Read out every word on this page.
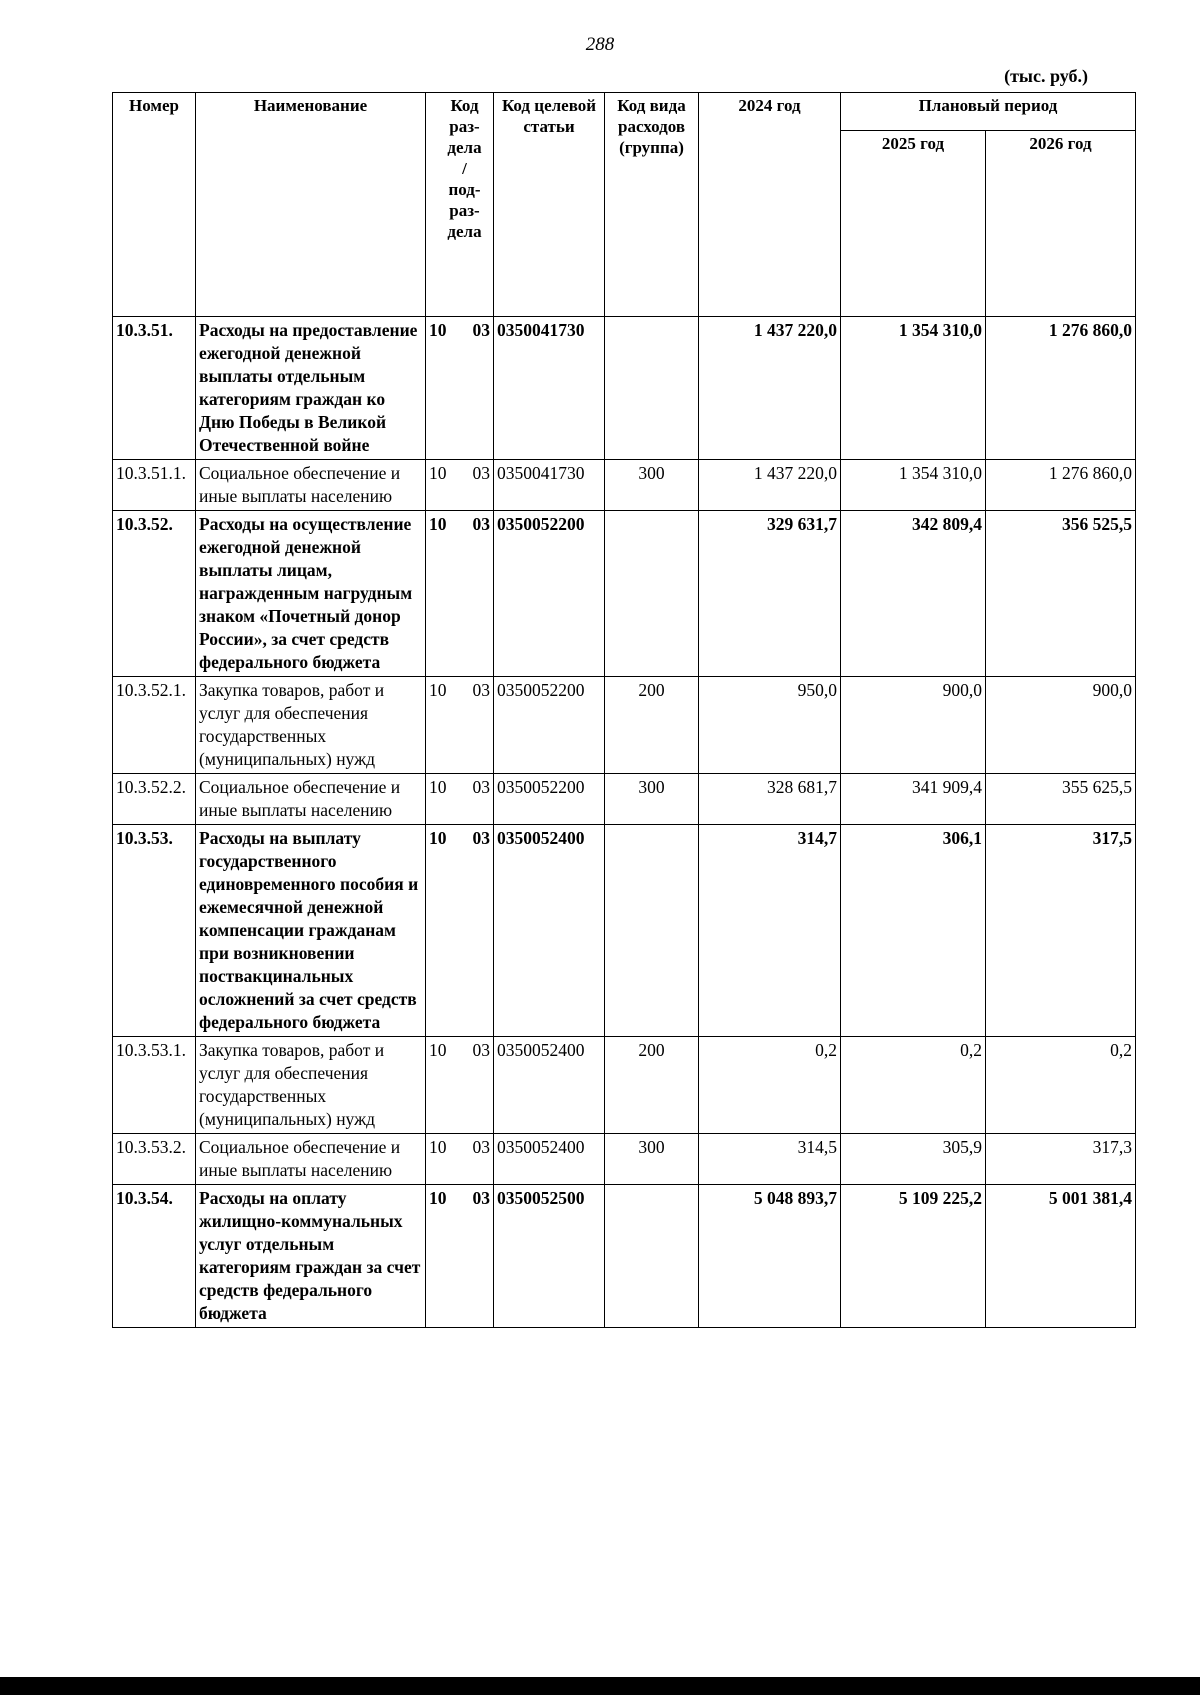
288
(тыс. руб.)
Номер	Наименование	Код раз-дела/ под-раз-дела	Код целевой статьи	Код вида расходов (группа)	2024 год	Плановый период	
						2025 год	2026 год
10.3.51.	Расходы на предоставление ежегодной денежной выплаты отдельным категориям граждан ко Дню Победы в Великой Отечественной войне	10 03	0350041730		1 437 220,0	1 354 310,0	1 276 860,0
10.3.51.1.	Социальное обеспечение и иные выплаты населению	10 03	0350041730	300	1 437 220,0	1 354 310,0	1 276 860,0
10.3.52.	Расходы на осуществление ежегодной денежной выплаты лицам, награжденным нагрудным знаком «Почетный донор России», за счет средств федерального бюджета	10 03	0350052200		329 631,7	342 809,4	356 525,5
10.3.52.1.	Закупка товаров, работ и услуг для обеспечения государственных (муниципальных) нужд	10 03	0350052200	200	950,0	900,0	900,0
10.3.52.2.	Социальное обеспечение и иные выплаты населению	10 03	0350052200	300	328 681,7	341 909,4	355 625,5
10.3.53.	Расходы на выплату государственного единовременного пособия и ежемесячной денежной компенсации гражданам при возникновении поствакцинальных осложнений за счет средств федерального бюджета	10 03	0350052400		314,7	306,1	317,5
10.3.53.1.	Закупка товаров, работ и услуг для обеспечения государственных (муниципальных) нужд	10 03	0350052400	200	0,2	0,2	0,2
10.3.53.2.	Социальное обеспечение и иные выплаты населению	10 03	0350052400	300	314,5	305,9	317,3
10.3.54.	Расходы на оплату жилищно-коммунальных услуг отдельным категориям граждан за счет средств федерального бюджета	10 03	0350052500		5 048 893,7	5 109 225,2	5 001 381,4
